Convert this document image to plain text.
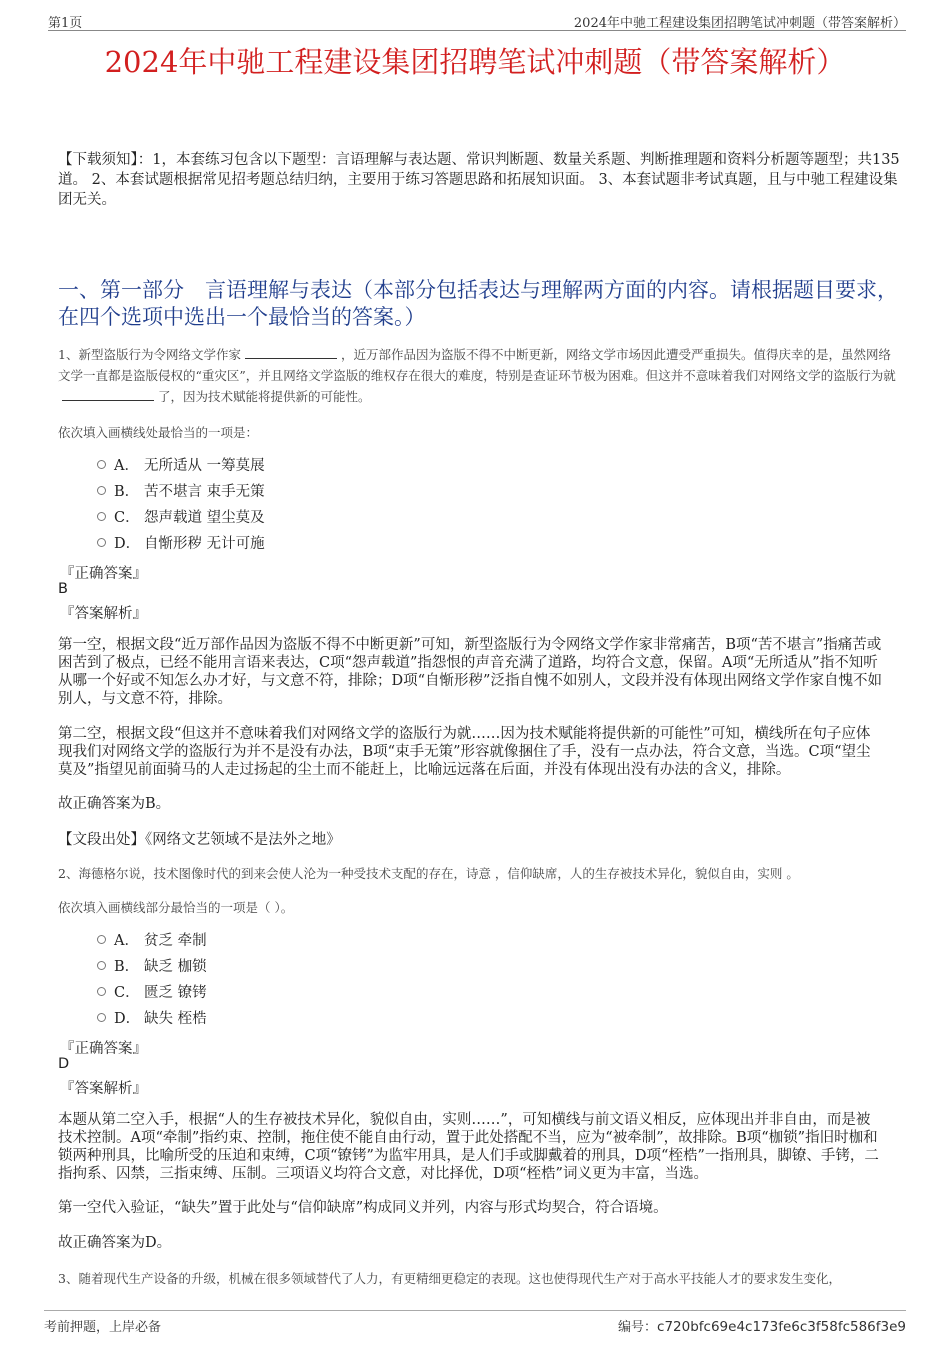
第1页	2024年中驰工程建设集团招聘笔试冲刺题（带答案解析）
2024年中驰工程建设集团招聘笔试冲刺题（带答案解析）
【下载须知】：1，本套练习包含以下题型：言语理解与表达题、常识判断题、数量关系题、判断推理题和资料分析题等题型；共135道。 2、本套试题根据常见招考题总结归纳，主要用于练习答题思路和拓展知识面。 3、本套试题非考试真题，且与中驰工程建设集团无关。
一、第一部分　言语理解与表达（本部分包括表达与理解两方面的内容。请根据题目要求，在四个选项中选出一个最恰当的答案。）
1、新型盗版行为令网络文学作家	，近万部作品因为盗版不得不中断更新，网络文学市场因此遭受严重损失。值得庆幸的是，虽然网络文学一直都是盗版侵权的“重灾区”，并且网络文学盗版的维权存在很大的难度，特别是查证环节极为困难。但这并不意味着我们对网络文学的盗版行为就了，因为技术赋能将提供新的可能性。
依次填入画横线处最恰当的一项是：
A． 无所适从 一筹莫展
B． 苦不堪言 束手无策
C． 怨声载道 望尘莫及
D． 自惭形秽 无计可施
『正确答案』
B
『答案解析』
第一空，根据文段“近万部作品因为盗版不得不中断更新”可知，新型盗版行为令网络文学作家非常痛苦，B项“苦不堪言”指痛苦或困苦到了极点，已经不能用言语来表达，C项“怨声载道”指怨恨的声音充满了道路，均符合文意，保留。A项“无所适从”指不知听从哪一个好或不知怎么办才好，与文意不符，排除；D项“自惭形秽”泛指自愧不如别人，文段并没有体现出网络文学作家自愧不如别人，与文意不符，排除。
第二空，根据文段“但这并不意味着我们对网络文学的盗版行为就……因为技术赋能将提供新的可能性”可知，横线所在句子应体现我们对网络文学的盗版行为并不是没有办法，B项“束手无策”形容就像捆住了手，没有一点办法，符合文意，当选。C项“望尘莫及”指望见前面骑马的人走过扬起的尘土而不能赶上，比喻远远落在后面，并没有体现出没有办法的含义，排除。
故正确答案为B。
【文段出处】《网络文艺领域不是法外之地》
2、海德格尔说，技术图像时代的到来会使人沦为一种受技术支配的存在，诗意 ，信仰缺席，人的生存被技术异化，貌似自由，实则 。
依次填入画横线部分最恰当的一项是（ ）。
A． 贫乏 牵制
B． 缺乏 枷锁
C． 匮乏 镣铐
D． 缺失 桎梏
『正确答案』
D
『答案解析』
本题从第二空入手，根据“人的生存被技术异化，貌似自由，实则……”，可知横线与前文语义相反，应体现出并非自由，而是被技术控制。A项“牵制”指约束、控制，拖住使不能自由行动，置于此处搭配不当，应为“被牵制”，故排除。B项“枷锁”指旧时枷和锁两种刑具，比喻所受的压迫和束缚，C项“镣铐”为监牢用具，是人们手或脚戴着的刑具，D项“桎梏”一指刑具，脚镣、手铐，二指拘系、囚禁，三指束缚、压制。三项语义均符合文意，对比择优，D项“桎梏”词义更为丰富，当选。
第一空代入验证，“缺失”置于此处与“信仰缺席”构成同义并列，内容与形式均契合，符合语境。
故正确答案为D。
3、随着现代生产设备的升级，机械在很多领域替代了人力，有更精细更稳定的表现。这也使得现代生产对于高水平技能人才的要求发生变化，
考前押题，上岸必备	编号：c720bfc69e4c173fe6c3f58fc586f3e9
